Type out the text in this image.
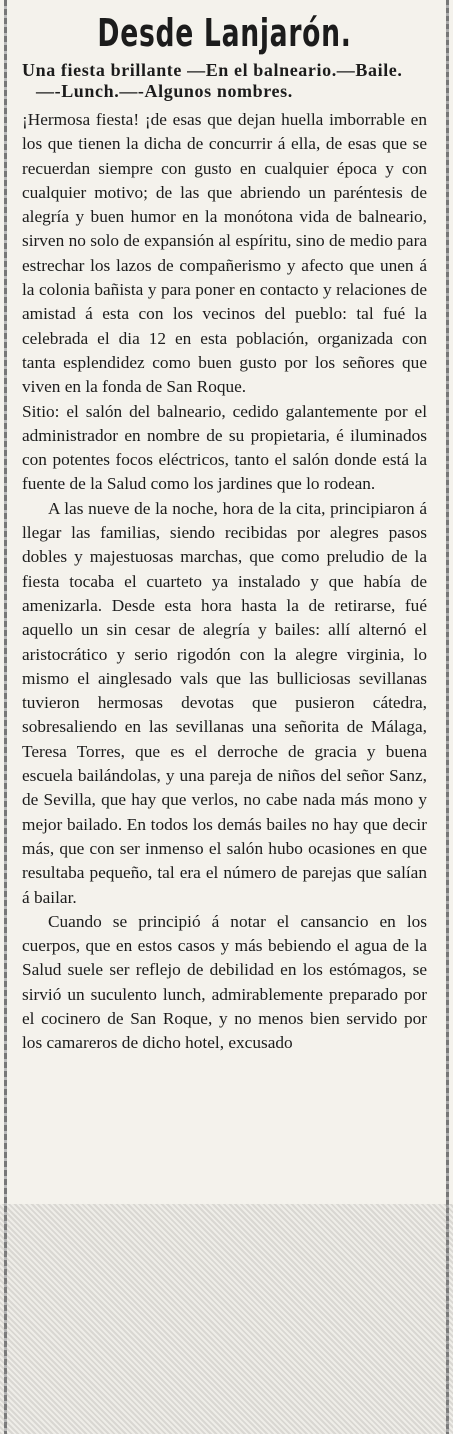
Desde Lanjarón.

Una fiesta brillante —En el balneario.—Baile.—-Lunch.—-Algunos nombres.

¡Hermosa fiesta! ¡de esas que dejan huella imborrable en los que tienen la dicha de concurrir á ella, de esas que se recuerdan siempre con gusto en cualquier época y con cualquier motivo; de las que abriendo un paréntesis de alegría y buen humor en la monótona vida de balneario, sirven no solo de expansión al espíritu, sino de medio para estrechar los lazos de compañerismo y afecto que unen á la colonia bañista y para poner en contacto y relaciones de amistad á esta con los vecinos del pueblo: tal fué la celebrada el dia 12 en esta población, organizada con tanta esplendidez como buen gusto por los señores que viven en la fonda de San Roque.

Sitio: el salón del balneario, cedido galantemente por el administrador en nombre de su propietaria, é iluminados con potentes focos eléctricos, tanto el salón donde está la fuente de la Salud como los jardines que lo rodean.

A las nueve de la noche, hora de la cita, principiaron á llegar las familias, siendo recibidas por alegres pasos dobles y majestuosas marchas, que como preludio de la fiesta tocaba el cuarteto ya instalado y que había de amenizarla. Desde esta hora hasta la de retirarse, fué aquello un sin cesar de alegría y bailes: allí alternó el aristocrático y serio rigodón con la alegre virginia, lo mismo el ainglesado vals que las bulliciosas sevillanas tuvieron hermosas devotas que pusieron cátedra, sobresaliendo en las sevillanas una señorita de Málaga, Teresa Torres, que es el derroche de gracia y buena escuela bailándolas, y una pareja de niños del señor Sanz, de Sevilla, que hay que verlos, no cabe nada más mono y mejor bailado. En todos los demás bailes no hay que decir más, que con ser inmenso el salón hubo ocasiones en que resultaba pequeño, tal era el número de parejas que salían á bailar.

Cuando se principió á notar el cansancio en los cuerpos, que en estos casos y más bebiendo el agua de la Salud suele ser reflejo de debilidad en los estómagos, se sirvió un suculento lunch, admirablemente preparado por el cocinero de San Roque, y no menos bien servido por los camareros de dicho hotel, excusado
